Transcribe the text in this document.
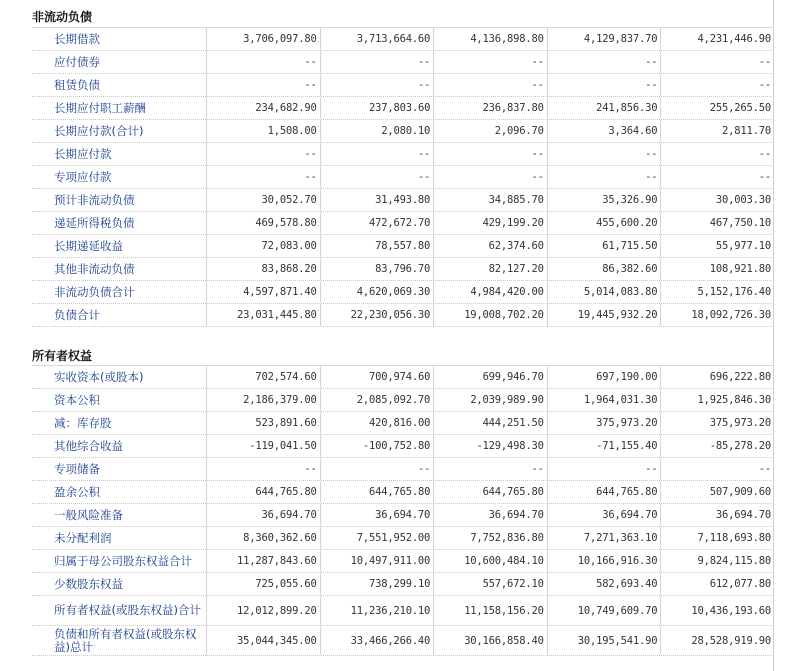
非流动负债
长期借款	3,706,097.80	3,713,664.60	4,136,898.80	4,129,837.70	4,231,446.90
应付债券	--	--	--	--	--
租赁负债	--	--	--	--	--
长期应付职工薪酬	234,682.90	237,803.60	236,837.80	241,856.30	255,265.50
长期应付款(合计)	1,508.00	2,080.10	2,096.70	3,364.60	2,811.70
长期应付款	--	--	--	--	--
专项应付款	--	--	--	--	--
预计非流动负债	30,052.70	31,493.80	34,885.70	35,326.90	30,003.30
递延所得税负债	469,578.80	472,672.70	429,199.20	455,600.20	467,750.10
长期递延收益	72,083.00	78,557.80	62,374.60	61,715.50	55,977.10
其他非流动负债	83,868.20	83,796.70	82,127.20	86,382.60	108,921.80
非流动负债合计	4,597,871.40	4,620,069.30	4,984,420.00	5,014,083.80	5,152,176.40
负债合计	23,031,445.80	22,230,056.30	19,008,702.20	19,445,932.20	18,092,726.30
所有者权益
实收资本(或股本)	702,574.60	700,974.60	699,946.70	697,190.00	696,222.80
资本公积	2,186,379.00	2,085,092.70	2,039,989.90	1,964,031.30	1,925,846.30
减：库存股	523,891.60	420,816.00	444,251.50	375,973.20	375,973.20
其他综合收益	-119,041.50	-100,752.80	-129,498.30	-71,155.40	-85,278.20
专项储备	--	--	--	--	--
盈余公积	644,765.80	644,765.80	644,765.80	644,765.80	507,909.60
一般风险准备	36,694.70	36,694.70	36,694.70	36,694.70	36,694.70
未分配利润	8,360,362.60	7,551,952.00	7,752,836.80	7,271,363.10	7,118,693.80
归属于母公司股东权益合计	11,287,843.60	10,497,911.00	10,600,484.10	10,166,916.30	9,824,115.80
少数股东权益	725,055.60	738,299.10	557,672.10	582,693.40	612,077.80
所有者权益(或股东权益)合计	12,012,899.20	11,236,210.10	11,158,156.20	10,749,609.70	10,436,193.60
负债和所有者权益(或股东权益)总计	35,044,345.00	33,466,266.40	30,166,858.40	30,195,541.90	28,528,919.90
